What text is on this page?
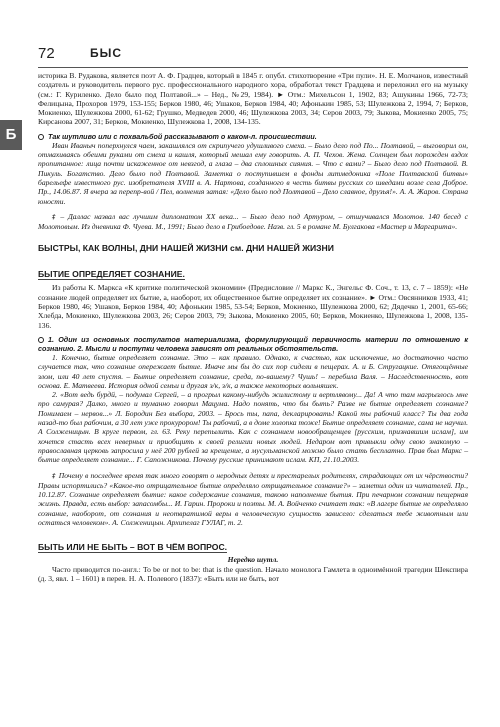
Б
72	БЫС

историка В. Рудакова, является поэт А. Ф. Градцев, который в 1845 г. опубл. стихотворение «Три пули». Н. Е. Молчанов, известный создатель и руководитель первого рус. профессионального народного хора, обработал текст Градцева и переложил его на музыку (см.: Г. Куриленко. Дело было под Полтавой...» – Нед., №29, 1984). ► Отм.: Михельсон 1, 1902, 83; Ашукины 1966, 72-73; Фелицына, Прохоров 1979, 153-155; Берков 1980, 46; Ушаков, Берков 1984, 40; Афонькин 1985, 53; Шулежкова 2, 1994, 7; Берков, Мокиенко, Шулежкова 2000, 61-62; Грушко, Медведев 2000, 46; Шулежкова 2003, 34; Серов 2003, 79; Зыкова, Мокиенко 2005, 75; Кирсанова 2007, 31; Берков, Мокиенко, Шулежкова 1, 2008, 134-135.

Так шутливо или с похвальбой рассказывают о каком-л. происшествии.

Иван Иваныч поперхнулся чаем, закашлялся от скрипучего удушливого смеха. – Было дело под По... Полтавой, – выговорил он, отмахиваясь обеими руками от смеха и кашля, который мешал ему говорить. А. П. Чехов. Жена. Солнцем был порожден вздох пропитанное: лица почти искаженное от невзгод, а глаза – два сплошных сияния. – Что с вами? – Было дело под Полтавой. В. Пикуль. Богатство. Дело было под Полтавой. Заметка о поступившем в фонды литмедоника «Поле Полтавской битвы» барельефе известного рус. изобретателя XVIII в. А. Нартова, созданного в честь битвы русских со шведами возле села Доброе. Пр., 14.06.87. Я вчера за перепр-вой / Пел, волнения затая: «Дело было под Полтавой – Дело славное, друзья!». А. А. Жаров. Страна юности.

‡ – Даллас назвал вас лучшим дипломатом XX века... – Было дело под Артуром, – отшучивался Молотов. 140 бесед с Молотовым. Из дневника Ф. Чуева. М., 1991; Было дело в Грибоедове. Назв. гл. 5 в романе М. Булгакова «Мастер и Маргарита».

БЫСТРЫ, КАК ВОЛНЫ, ДНИ НАШЕЙ ЖИЗНИ см. ДНИ НАШЕЙ ЖИЗНИ

БЫТИЕ ОПРЕДЕЛЯЕТ СОЗНАНИЕ.

Из работы К. Маркса «К критике политической экономии» (Предисловие // Маркс К., Энгельс Ф. Соч., т. 13, с. 7 – 1859): «Не сознание людей определяет их бытие, а, наоборот, их общественное бытие определяет их сознание». ► Отм.: Овсянников 1933, 41; Берков 1980, 46; Ушаков, Берков 1984, 40; Афонькин 1985, 53-54; Берков, Мокиенко, Шулежкова 2000, 62; Дядечко 1, 2001, 65-66; Хлебда, Мокиенко, Шулежкова 2003, 26; Серов 2003, 79; Зыкова, Мокиенко 2005, 60; Берков, Мокиенко, Шулежкова 1, 2008, 135-136.

1. Один из основных постулатов материализма, формулирующий первичность материи по отношению к сознанию. 2. Мысли и поступки человека зависят от реальных обстоятельств.

1. Конечно, бытие определяет сознание. Это – как правило. Однако, к счастью, как исключение, но достаточно часто случается так, что сознание опережает бытие. Иначе мы бы до сих пор сидели в пещерах. А. и Б. Стругацкие. Отягощённые злом, или 40 лет спустя. – Бытие определяет сознание, среда, по-вашему? Чушь! – перебила Валя. – Наследственность, вот основа. Е. Матвеева. История одной семьи и другая з/к, з/к, а также некоторых вольняшек.

2. «Вот ведь бурдй, – подумал Сергей, – а прогрыл какому-нибудь жилистому и вертлявому... Да! А что там нагрызлось мне про самурая? Далко, много и туманно говорил Мацума. Надо понять, что бы быть? Разве не бытие определяет сознание? Понимаем – нервов...» Л. Бородин Без выбора, 2003. – Брось ты, папа, декларировать! Какой ты рабочий класс? Ты два года назад-то был рабочим, а 30 лет уже прокурором! Ты рабочий, а в доме холопка тоже! Бытие определяет сознание, сама не научил. А Солженицын. В круге первом, гл. 63. Реку перепылить. Как с сознанием новообращенцев [русским, признавшим ислам], им хочется стасть всех неверных и приобщить к своей религии новых людей. Недаром вот привыкли одну свою знакомую – православная церковь запросила у неё 200 рублей за крещение, а мусульманской можно было стать бесплатно. Прав был Маркс – бытие определяет сознание... Г. Сапожникова. Почему русские принимают ислам. КП, 21.10.2003.

‡ Почему в последнее время так много говорят о неродных детях и престарелых родителях, страдающих от их чёрствости? Правы испортились? «Какое-то отрицательное бытие определяло отрицательное сознание?» – заметил один из читателей. Пр., 10.12.87. Сознание определяет бытие: какое содержание сознания, таково наполнение бытия. При печарном сознании пещерная жизнь. Правда, есть выбор: запасомбы... И. Гарин. Пророки и поэты. М. А. Войченко считает так: «В лагере бытие не определяло сознание, наоборот, от сознания и неотвратимой веры в человеческую сущность зависело: сделаться тебе животным или остаться человеком». А. Солженицын. Архипелаг ГУЛАГ, т. 2.

БЫТЬ ИЛИ НЕ БЫТЬ – ВОТ В ЧЁМ ВОПРОС.

Нередко шутл.

Часто приводится по-англ.: To be or not to be: that is the question. Начало монолога Гамлета в одноимённой трагедии Шекспира (д. 3, явл. 1 – 1601) в перев. Н. А. Полевого (1837): «Быть или не быть, вот
